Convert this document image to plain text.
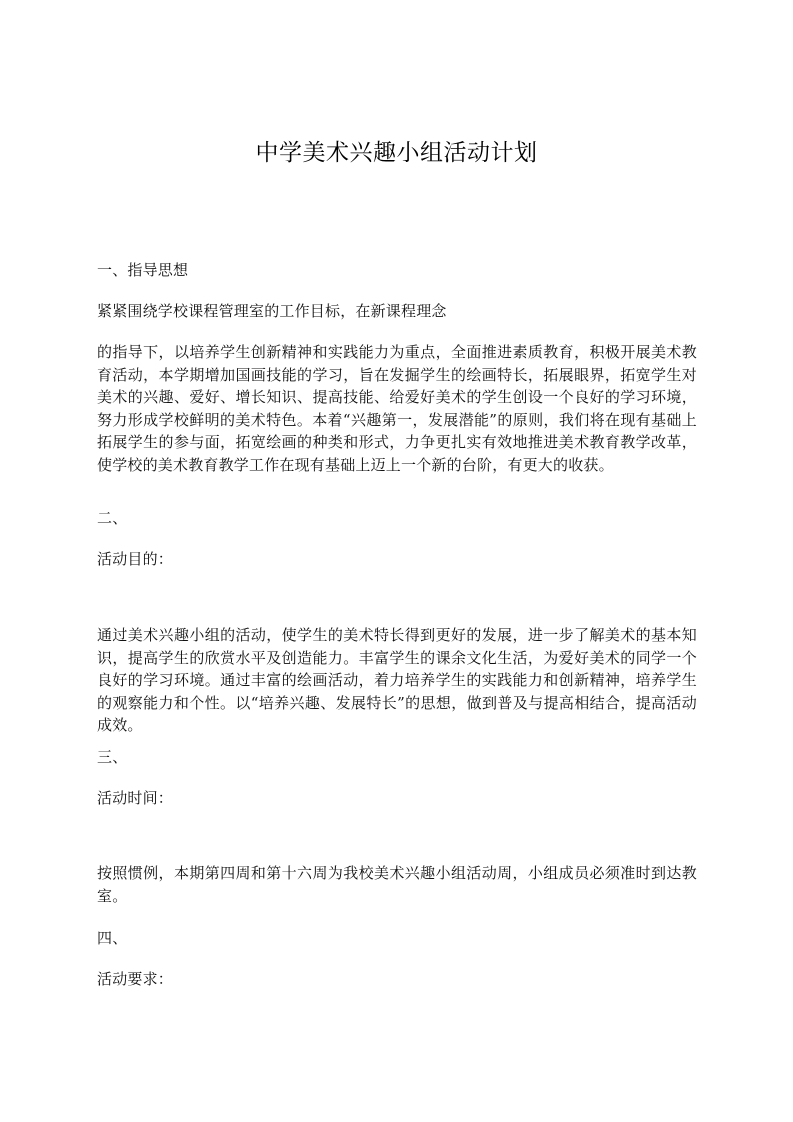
中学美术兴趣小组活动计划

一、指导思想

紧紧围绕学校课程管理室的工作目标，在新课程理念

的指导下，以培养学生创新精神和实践能力为重点，全面推进素质教育，积极开展美术教育活动，本学期增加国画技能的学习，旨在发掘学生的绘画特长，拓展眼界，拓宽学生对美术的兴趣、爱好、增长知识、提高技能、给爱好美术的学生创设一个良好的学习环境，努力形成学校鲜明的美术特色。本着“兴趣第一，发展潜能”的原则，我们将在现有基础上拓展学生的参与面，拓宽绘画的种类和形式，力争更扎实有效地推进美术教育教学改革，使学校的美术教育教学工作在现有基础上迈上一个新的台阶，有更大的收获。

二、

活动目的：

通过美术兴趣小组的活动，使学生的美术特长得到更好的发展，进一步了解美术的基本知识，提高学生的欣赏水平及创造能力。丰富学生的课余文化生活，为爱好美术的同学一个良好的学习环境。通过丰富的绘画活动，着力培养学生的实践能力和创新精神，培养学生的观察能力和个性。以“培养兴趣、发展特长”的思想，做到普及与提高相结合，提高活动成效。

三、

活动时间：

按照惯例，本期第四周和第十六周为我校美术兴趣小组活动周，小组成员必须准时到达教室。

四、

活动要求：
